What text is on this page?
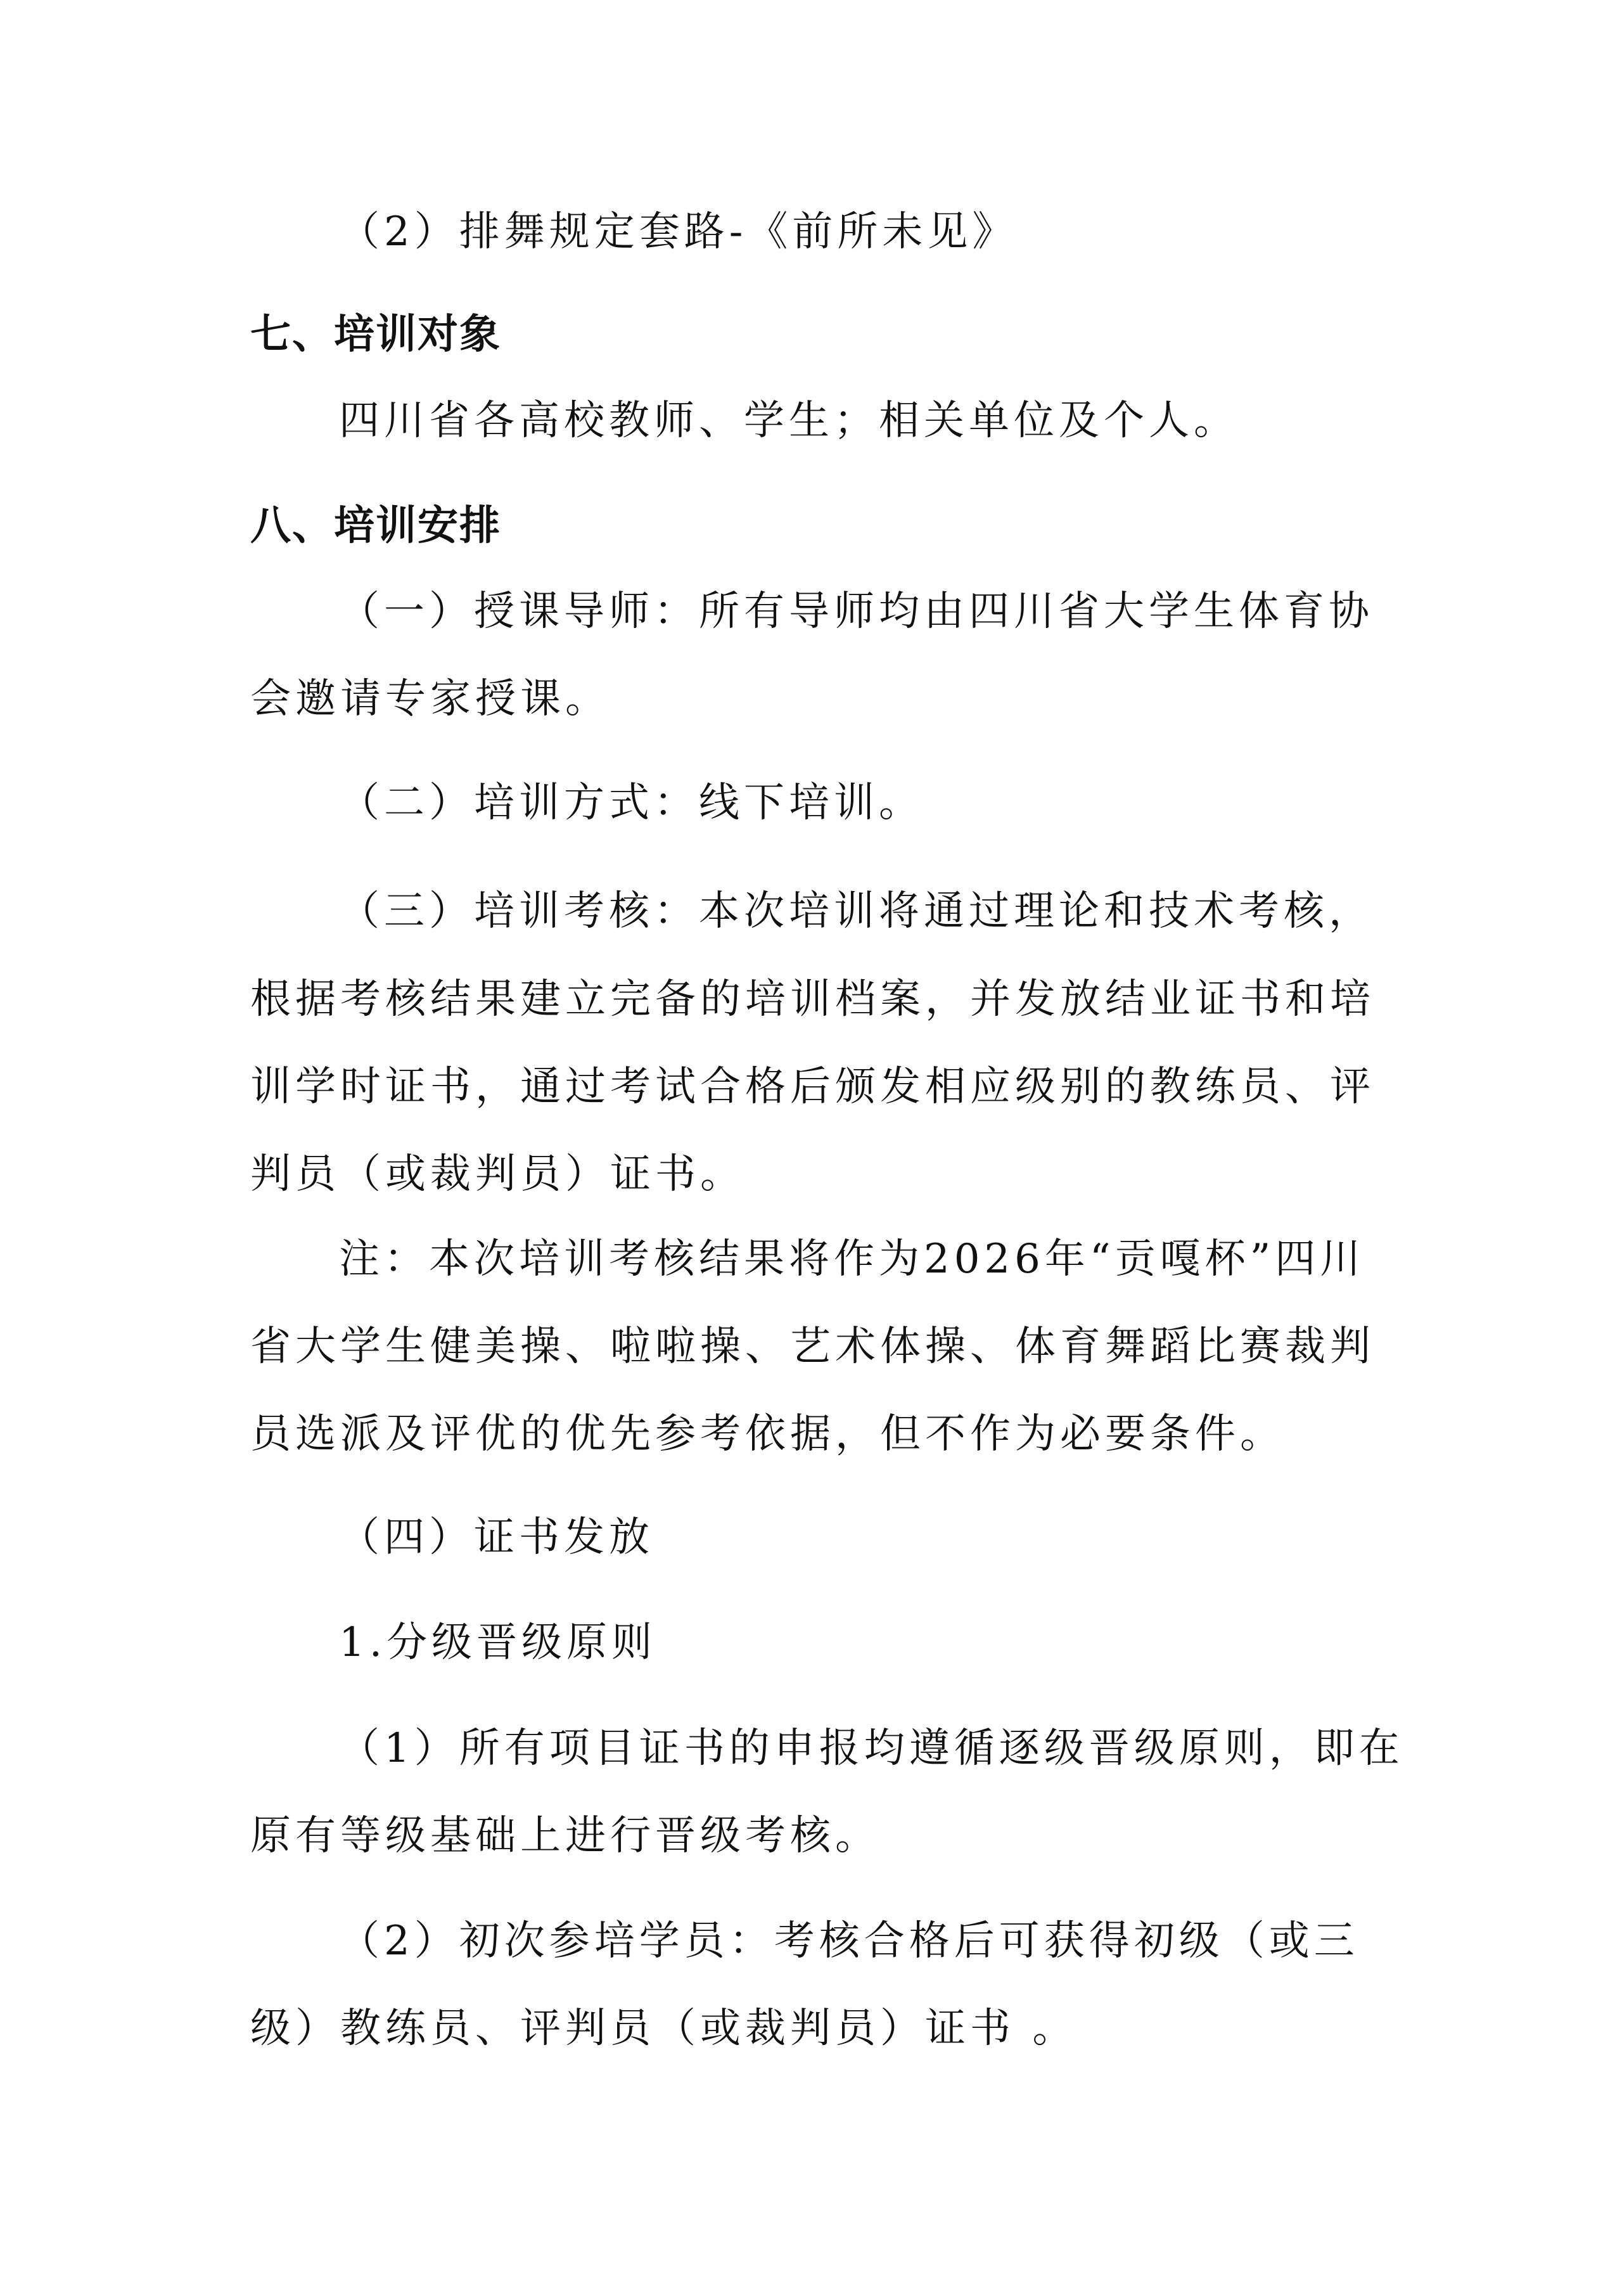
（2）排舞规定套路-《前所未见》
七、培训对象
四川省各高校教师、学生；相关单位及个人。
八、培训安排
（一）授课导师：所有导师均由四川省大学生体育协
会邀请专家授课。
（二）培训方式：线下培训。
（三）培训考核：本次培训将通过理论和技术考核，
根据考核结果建立完备的培训档案，并发放结业证书和培
训学时证书，通过考试合格后颁发相应级别的教练员、评
判员（或裁判员）证书。
注：本次培训考核结果将作为2026年“贡嘎杯”四川
省大学生健美操、啦啦操、艺术体操、体育舞蹈比赛裁判
员选派及评优的优先参考依据，但不作为必要条件。
（四）证书发放
1.分级晋级原则
（1）所有项目证书的申报均遵循逐级晋级原则，即在
原有等级基础上进行晋级考核。
（2）初次参培学员：考核合格后可获得初级（或三
级）教练员、评判员（或裁判员）证书 。
